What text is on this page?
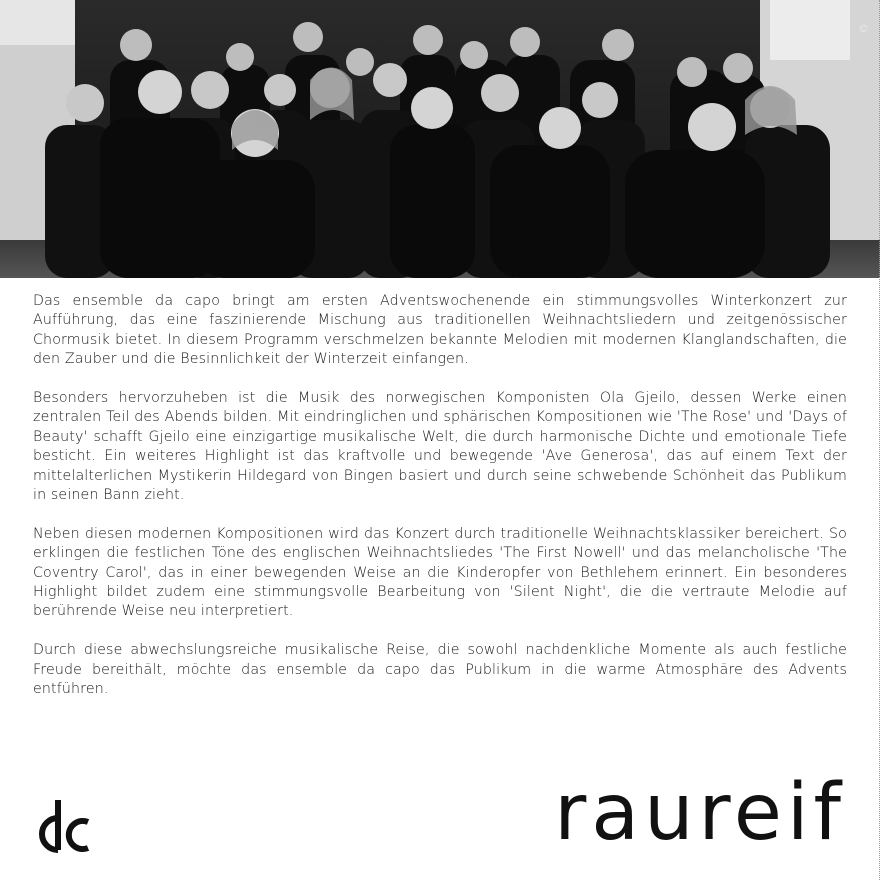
©

Das ensemble da capo bringt am ersten Adventswochenende ein stimmungsvolles Winterkonzert zur Aufführung, das eine faszinierende Mischung aus traditionellen Weihnachtsliedern und zeitgenössischer Chormusik bietet. In diesem Programm verschmelzen bekannte Melodien mit modernen Klanglandschaften, die den Zauber und die Besinnlichkeit der Winterzeit einfangen.

Besonders hervorzuheben ist die Musik des norwegischen Komponisten Ola Gjeilo, dessen Werke einen zentralen Teil des Abends bilden. Mit eindringlichen und sphärischen Kompositionen wie 'The Rose' und 'Days of Beauty' schafft Gjeilo eine einzigartige musikalische Welt, die durch harmonische Dichte und emotionale Tiefe besticht. Ein weiteres Highlight ist das kraftvolle und bewegende 'Ave Generosa', das auf einem Text der mittelalterlichen Mystikerin Hildegard von Bingen basiert und durch seine schwebende Schönheit das Publikum in seinen Bann zieht.

Neben diesen modernen Kompositionen wird das Konzert durch traditionelle Weihnachtsklassiker bereichert. So erklingen die festlichen Töne des englischen Weihnachtsliedes 'The First Nowell' und das melancholische 'The Coventry Carol', das in einer bewegenden Weise an die Kinderopfer von Bethlehem erinnert. Ein besonderes Highlight bildet zudem eine stimmungsvolle Bearbeitung von 'Silent Night', die die vertraute Melodie auf berührende Weise neu interpretiert.

Durch diese abwechslungsreiche musikalische Reise, die sowohl nachdenkliche Momente als auch festliche Freude bereithält, möchte das ensemble da capo das Publikum in die warme Atmosphäre des Advents entführen.

raureif
